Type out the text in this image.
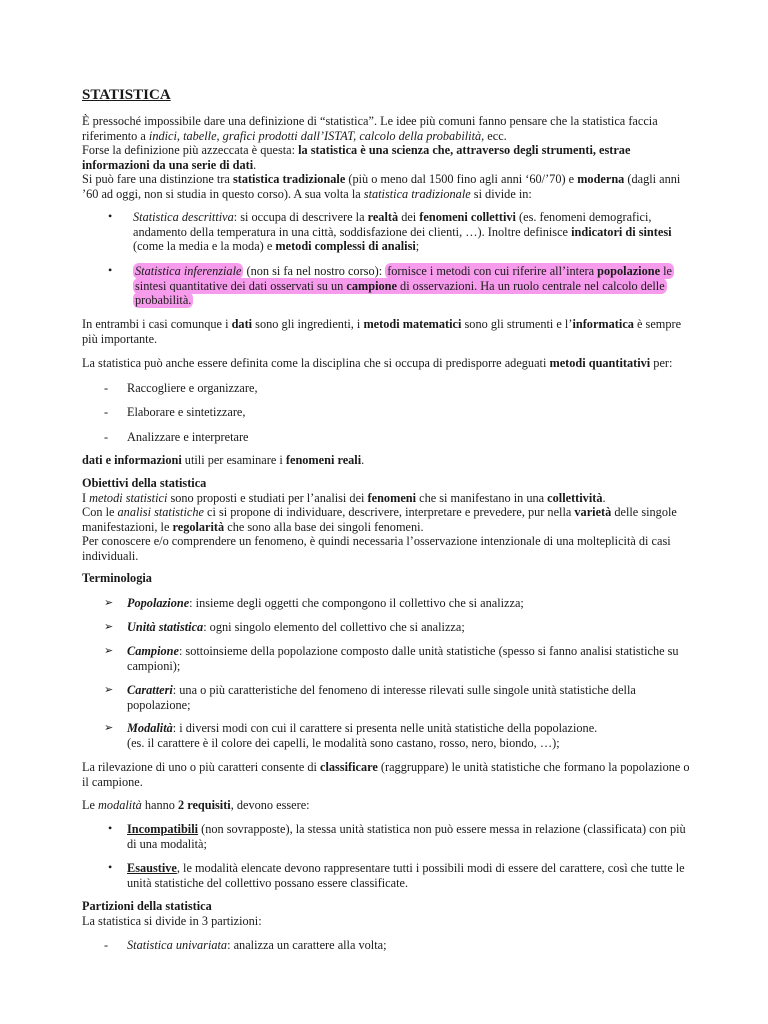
STATISTICA
È pressoché impossibile dare una definizione di “statistica”. Le idee più comuni fanno pensare che la statistica faccia riferimento a indici, tabelle, grafici prodotti dall’ISTAT, calcolo della probabilità, ecc.
Forse la definizione più azzeccata è questa: la statistica è una scienza che, attraverso degli strumenti, estrae informazioni da una serie di dati.
Si può fare una distinzione tra statistica tradizionale (più o meno dal 1500 fino agli anni ‘60/’70) e moderna (dagli anni ’60 ad oggi, non si studia in questo corso). A sua volta la statistica tradizionale si divide in:
• Statistica descrittiva: si occupa di descrivere la realtà dei fenomeni collettivi (es. fenomeni demografici, andamento della temperatura in una città, soddisfazione dei clienti, …). Inoltre definisce indicatori di sintesi (come la media e la moda) e metodi complessi di analisi;
• Statistica inferenziale (non si fa nel nostro corso): fornisce i metodi con cui riferire all’intera popolazione le sintesi quantitative dei dati osservati su un campione di osservazioni. Ha un ruolo centrale nel calcolo delle probabilità.
In entrambi i casi comunque i dati sono gli ingredienti, i metodi matematici sono gli strumenti e l’informatica è sempre più importante.
La statistica può anche essere definita come la disciplina che si occupa di predisporre adeguati metodi quantitativi per:
- Raccogliere e organizzare,
- Elaborare e sintetizzare,
- Analizzare e interpretare
dati e informazioni utili per esaminare i fenomeni reali.
Obiettivi della statistica
I metodi statistici sono proposti e studiati per l’analisi dei fenomeni che si manifestano in una collettività.
Con le analisi statistiche ci si propone di individuare, descrivere, interpretare e prevedere, pur nella varietà delle singole manifestazioni, le regolarità che sono alla base dei singoli fenomeni.
Per conoscere e/o comprendere un fenomeno, è quindi necessaria l’osservazione intenzionale di una molteplicità di casi individuali.
Terminologia
➢ Popolazione: insieme degli oggetti che compongono il collettivo che si analizza;
➢ Unità statistica: ogni singolo elemento del collettivo che si analizza;
➢ Campione: sottoinsieme della popolazione composto dalle unità statistiche (spesso si fanno analisi statistiche su campioni);
➢ Caratteri: una o più caratteristiche del fenomeno di interesse rilevati sulle singole unità statistiche della popolazione;
➢ Modalità: i diversi modi con cui il carattere si presenta nelle unità statistiche della popolazione.
(es. il carattere è il colore dei capelli, le modalità sono castano, rosso, nero, biondo, …);
La rilevazione di uno o più caratteri consente di classificare (raggruppare) le unità statistiche che formano la popolazione o il campione.
Le modalità hanno 2 requisiti, devono essere:
• Incompatibili (non sovrapposte), la stessa unità statistica non può essere messa in relazione (classificata) con più di una modalità;
• Esaustive, le modalità elencate devono rappresentare tutti i possibili modi di essere del carattere, così che tutte le unità statistiche del collettivo possano essere classificate.
Partizioni della statistica
La statistica si divide in 3 partizioni:
- Statistica univariata: analizza un carattere alla volta;
